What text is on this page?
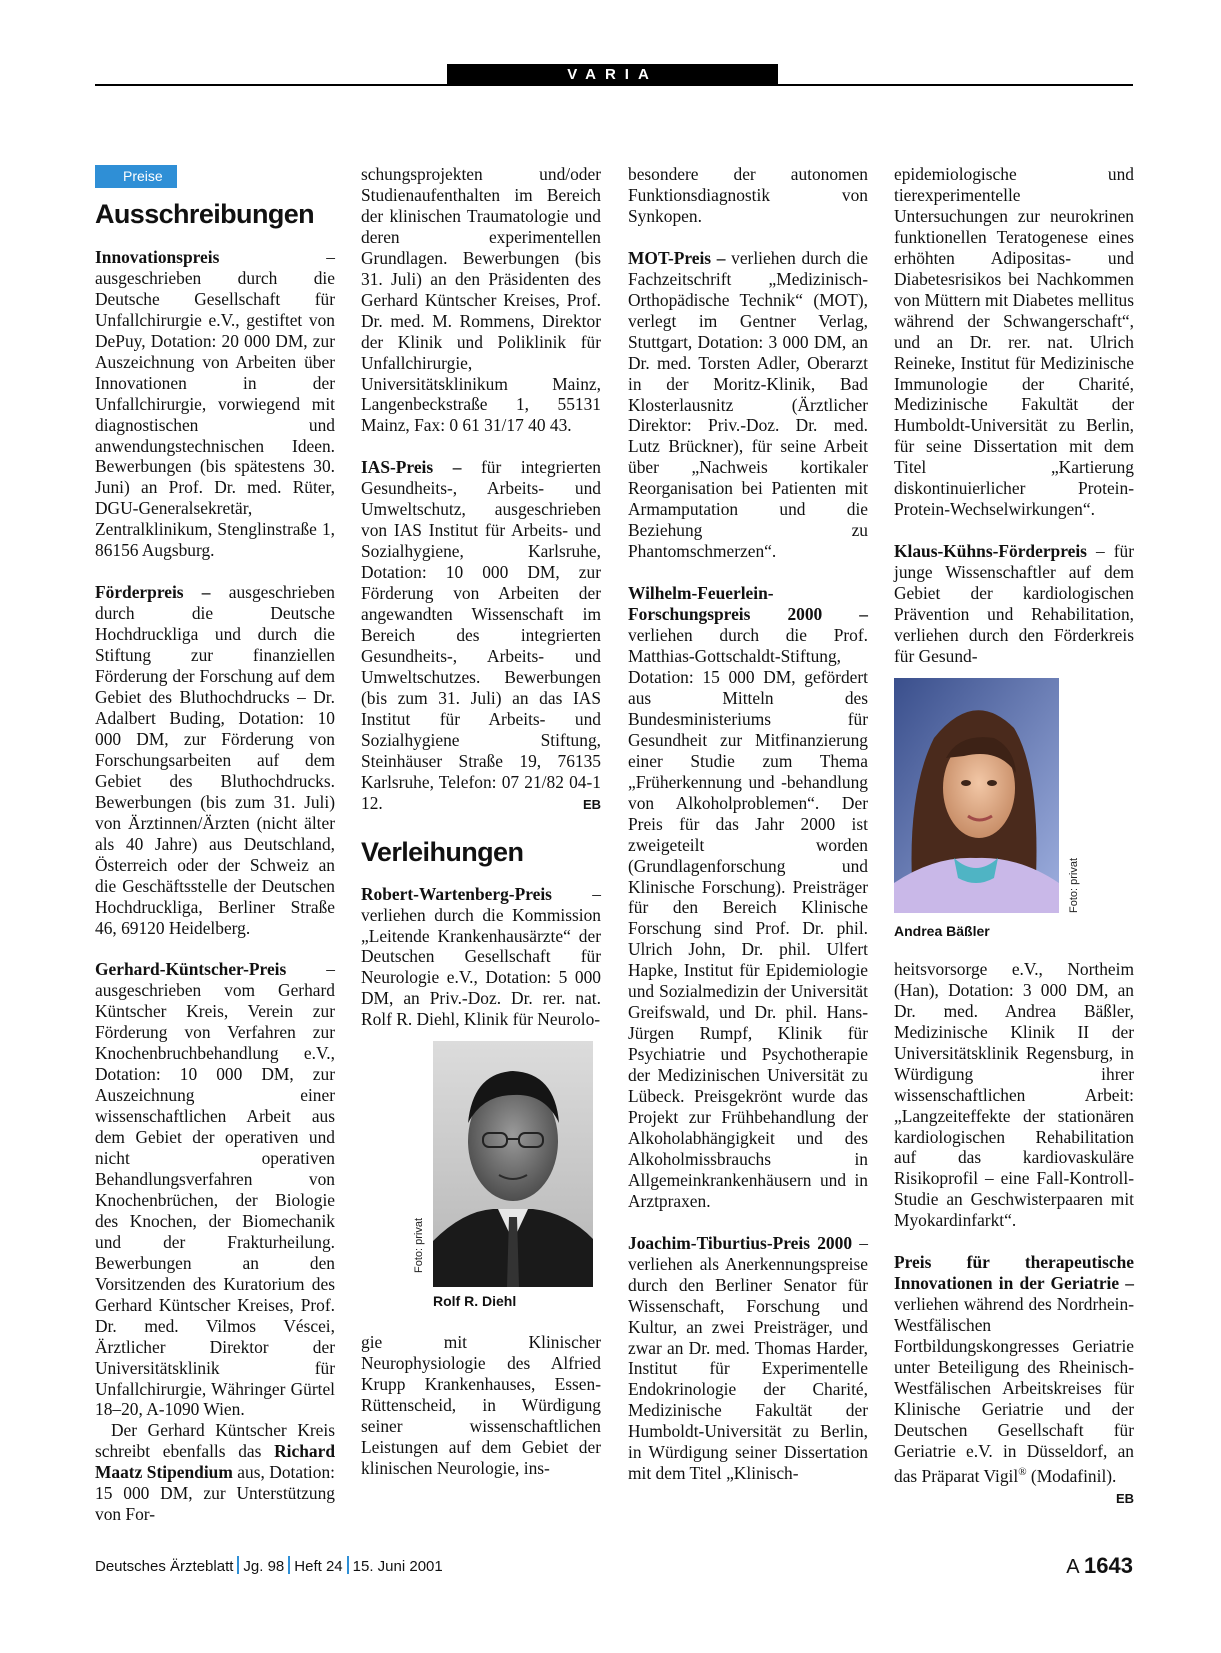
VARIA
Preise
Ausschreibungen

Innovationspreis – ausgeschrieben durch die Deutsche Gesellschaft für Unfallchirurgie e.V., gestiftet von DePuy, Dotation: 20 000 DM, zur Auszeichnung von Arbeiten über Innovationen in der Unfallchirurgie, vorwiegend mit diagnostischen und anwendungstechnischen Ideen. Bewerbungen (bis spätestens 30. Juni) an Prof. Dr. med. Rüter, DGU-Generalsekretär, Zentralklinikum, Stenglinstraße 1, 86156 Augsburg.

Förderpreis – ausgeschrieben durch die Deutsche Hochdruckliga und durch die Stiftung zur finanziellen Förderung der Forschung auf dem Gebiet des Bluthochdrucks – Dr. Adalbert Buding, Dotation: 10 000 DM, zur Förderung von Forschungsarbeiten auf dem Gebiet des Bluthochdrucks. Bewerbungen (bis zum 31. Juli) von Ärztinnen/Ärzten (nicht älter als 40 Jahre) aus Deutschland, Österreich oder der Schweiz an die Geschäftsstelle der Deutschen Hochdruckliga, Berliner Straße 46, 69120 Heidelberg.

Gerhard-Küntscher-Preis – ausgeschrieben vom Gerhard Küntscher Kreis, Verein zur Förderung von Verfahren zur Knochenbruchbehandlung e.V., Dotation: 10 000 DM, zur Auszeichnung einer wissenschaftlichen Arbeit aus dem Gebiet der operativen und nicht operativen Behandlungsverfahren von Knochenbrüchen, der Biologie des Knochen, der Biomechanik und der Frakturheilung. Bewerbungen an den Vorsitzenden des Kuratorium des Gerhard Küntscher Kreises, Prof. Dr. med. Vilmos Véscei, Ärztlicher Direktor der Universitätsklinik für Unfallchirurgie, Währinger Gürtel 18–20, A-1090 Wien.

Der Gerhard Küntscher Kreis schreibt ebenfalls das Richard Maatz Stipendium aus, Dotation: 15 000 DM, zur Unterstützung von For-

schungsprojekten und/oder Studienaufenthalten im Bereich der klinischen Traumatologie und deren experimentellen Grundlagen. Bewerbungen (bis 31. Juli) an den Präsidenten des Gerhard Küntscher Kreises, Prof. Dr. med. M. Rommens, Direktor der Klinik und Poliklinik für Unfallchirurgie, Universitätsklinikum Mainz, Langenbeckstraße 1, 55131 Mainz, Fax: 0 61 31/17 40 43.

IAS-Preis – für integrierten Gesundheits-, Arbeits- und Umweltschutz, ausgeschrieben von IAS Institut für Arbeits- und Sozialhygiene, Karlsruhe, Dotation: 10 000 DM, zur Förderung von Arbeiten der angewandten Wissenschaft im Bereich des integrierten Gesundheits-, Arbeits- und Umweltschutzes. Bewerbungen (bis zum 31. Juli) an das IAS Institut für Arbeits- und Sozialhygiene Stiftung, Steinhäuser Straße 19, 76135 Karlsruhe, Telefon: 07 21/82 04-1 12.	EB

Verleihungen

Robert-Wartenberg-Preis – verliehen durch die Kommission „Leitende Krankenhausärzte“ der Deutschen Gesellschaft für Neurologie e.V., Dotation: 5 000 DM, an Priv.-Doz. Dr. rer. nat. Rolf R. Diehl, Klinik für Neurolo-

Foto: privat
Rolf R. Diehl

gie mit Klinischer Neurophysiologie des Alfried Krupp Krankenhauses, Essen-Rüttenscheid, in Würdigung seiner wissenschaftlichen Leistungen auf dem Gebiet der klinischen Neurologie, ins-

besondere der autonomen Funktionsdiagnostik von Synkopen.

MOT-Preis – verliehen durch die Fachzeitschrift „Medizinisch-Orthopädische Technik“ (MOT), verlegt im Gentner Verlag, Stuttgart, Dotation: 3 000 DM, an Dr. med. Torsten Adler, Oberarzt in der Moritz-Klinik, Bad Klosterlausnitz (Ärztlicher Direktor: Priv.-Doz. Dr. med. Lutz Brückner), für seine Arbeit über „Nachweis kortikaler Reorganisation bei Patienten mit Armamputation und die Beziehung zu Phantomschmerzen“.

Wilhelm-Feuerlein-Forschungspreis 2000 – verliehen durch die Prof. Matthias-Gottschaldt-Stiftung, Dotation: 15 000 DM, gefördert aus Mitteln des Bundesministeriums für Gesundheit zur Mitfinanzierung einer Studie zum Thema „Früherkennung und -behandlung von Alkoholproblemen“. Der Preis für das Jahr 2000 ist zweigeteilt worden (Grundlagenforschung und Klinische Forschung). Preisträger für den Bereich Klinische Forschung sind Prof. Dr. phil. Ulrich John, Dr. phil. Ulfert Hapke, Institut für Epidemiologie und Sozialmedizin der Universität Greifswald, und Dr. phil. Hans-Jürgen Rumpf, Klinik für Psychiatrie und Psychotherapie der Medizinischen Universität zu Lübeck. Preisgekrönt wurde das Projekt zur Frühbehandlung der Alkoholabhängigkeit und des Alkoholmissbrauchs in Allgemeinkrankenhäusern und in Arztpraxen.

Joachim-Tiburtius-Preis 2000 – verliehen als Anerkennungspreise durch den Berliner Senator für Wissenschaft, Forschung und Kultur, an zwei Preisträger, und zwar an Dr. med. Thomas Harder, Institut für Experimentelle Endokrinologie der Charité, Medizinische Fakultät der Humboldt-Universität zu Berlin, in Würdigung seiner Dissertation mit dem Titel „Klinisch-

epidemiologische und tierexperimentelle Untersuchungen zur neurokrinen funktionellen Teratogenese eines erhöhten Adipositas- und Diabetesrisikos bei Nachkommen von Müttern mit Diabetes mellitus während der Schwangerschaft“, und an Dr. rer. nat. Ulrich Reineke, Institut für Medizinische Immunologie der Charité, Medizinische Fakultät der Humboldt-Universität zu Berlin, für seine Dissertation mit dem Titel „Kartierung diskontinuierlicher Protein-Protein-Wechselwirkungen“.

Klaus-Kühns-Förderpreis – für junge Wissenschaftler auf dem Gebiet der kardiologischen Prävention und Rehabilitation, verliehen durch den Förderkreis für Gesund-

Foto: privat
Andrea Bäßler

heitsvorsorge e.V., Northeim (Han), Dotation: 3 000 DM, an Dr. med. Andrea Bäßler, Medizinische Klinik II der Universitätsklinik Regensburg, in Würdigung ihrer wissenschaftlichen Arbeit: „Langzeiteffekte der stationären kardiologischen Rehabilitation auf das kardiovaskuläre Risikoprofil – eine Fall-Kontroll-Studie an Geschwisterpaaren mit Myokardinfarkt“.

Preis für therapeutische Innovationen in der Geriatrie – verliehen während des Nordrhein-Westfälischen Fortbildungskongresses Geriatrie unter Beteiligung des Rheinisch-Westfälischen Arbeitskreises für Klinische Geriatrie und der Deutschen Gesellschaft für Geriatrie e.V. in Düsseldorf, an das Präparat Vigil® (Modafinil).
EB

Deutsches Ärzteblatt Jg. 98 Heft 24 15. Juni 2001	A 1643
